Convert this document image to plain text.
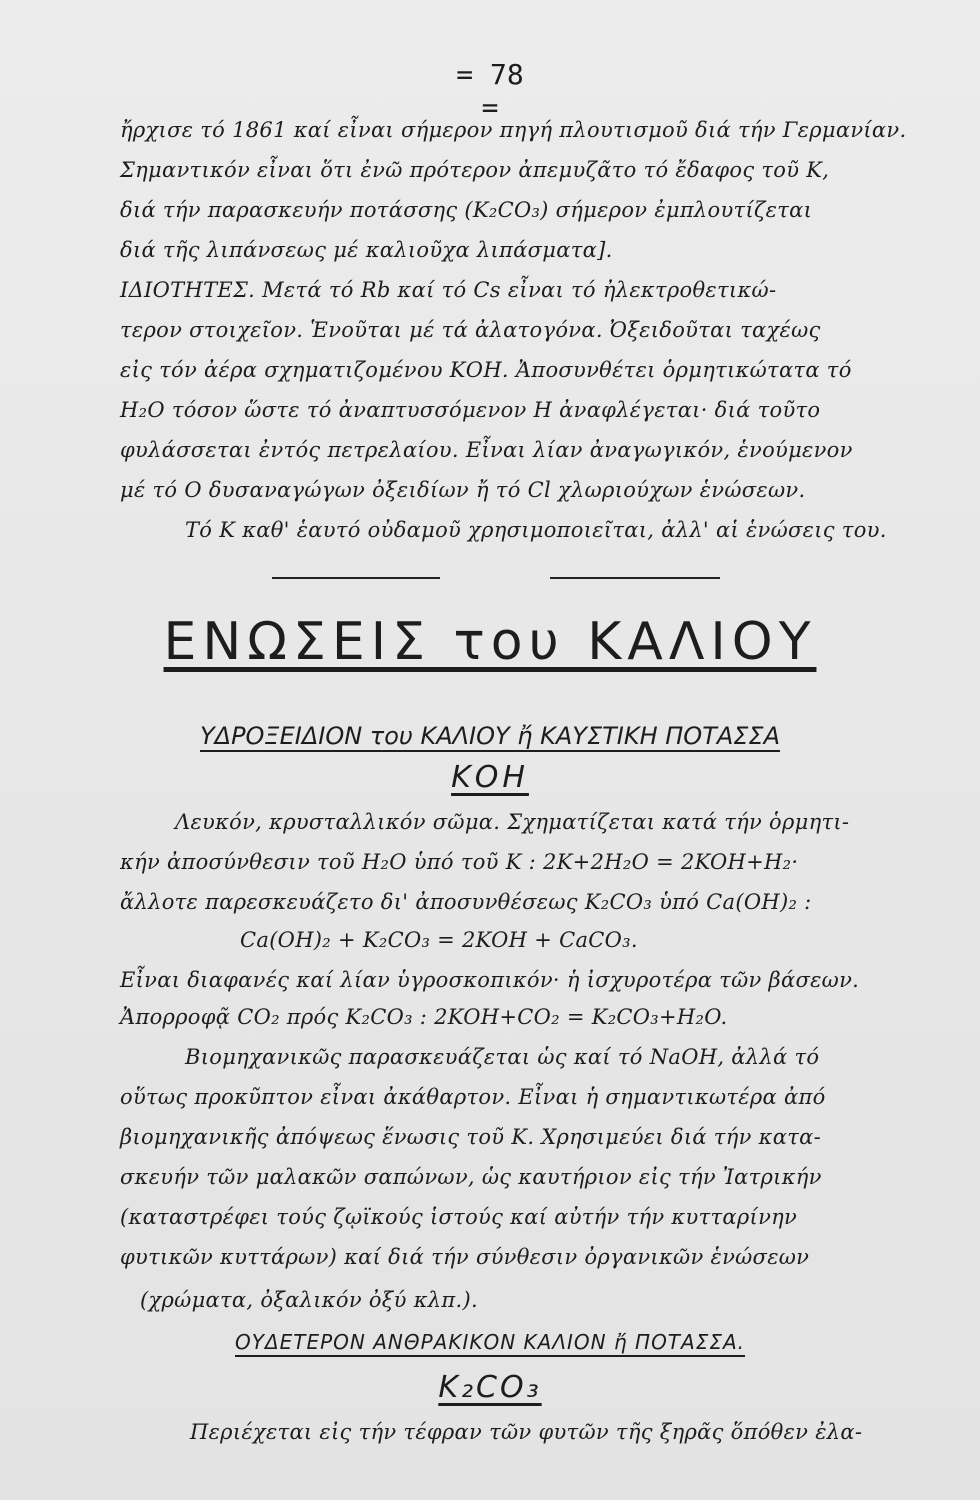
= 78 =
ἤρχισε τό 1861 καί εἶναι σήμερον πηγή πλουτισμοῦ διά τήν Γερμανίαν.
Σημαντικόν εἶναι ὅτι ἐνῶ πρότερον ἀπεμυζᾶτο τό ἔδαφος τοῦ Κ,
διά τήν παρασκευήν ποτάσσης (K₂CO₃) σήμερον ἐμπλουτίζεται
διά τῆς λιπάνσεως μέ καλιοῦχα λιπάσματα].
ΙΔΙΟΤΗΤΕΣ. Μετά τό Rb καί τό Cs εἶναι τό ἠλεκτροθετικώ-
τερον στοιχεῖον. Ἑνοῦται μέ τά ἀλατογόνα. Ὀξειδοῦται ταχέως
εἰς τόν ἀέρα σχηματιζομένου ΚΟΗ. Ἀποσυνθέτει ὁρμητικώτατα τό
H₂O τόσον ὥστε τό ἀναπτυσσόμενον Η ἀναφλέγεται· διά τοῦτο
φυλάσσεται ἐντός πετρελαίου. Εἶναι λίαν ἀναγωγικόν, ἑνούμενον
μέ τό Ο δυσαναγώγων ὀξειδίων ἤ τό Cl χλωριούχων ἑνώσεων.
Τό Κ καθ' ἑαυτό οὐδαμοῦ χρησιμοποιεῖται, ἀλλ' αἱ ἑνώσεις του.
ΕΝΩΣΕΙΣ του ΚΑΛΙΟΥ
ΥΔΡΟΞΕΙΔΙΟΝ του ΚΑΛΙΟΥ ἤ ΚΑΥΣΤΙΚΗ ΠΟΤΑΣΣΑ
ΚΟΗ
Λευκόν, κρυσταλλικόν σῶμα. Σχηματίζεται κατά τήν ὁρμητι-
κήν ἀποσύνθεσιν τοῦ H₂O ὑπό τοῦ Κ : 2K+2H₂O = 2KOH+H₂·
ἄλλοτε παρεσκευάζετο δι' ἀποσυνθέσεως K₂CO₃ ὑπό Ca(OH)₂ :
Ca(OH)₂ + K₂CO₃ = 2KOH + CaCO₃.
Εἶναι διαφανές καί λίαν ὑγροσκοπικόν· ἡ ἰσχυροτέρα τῶν βάσεων.
Ἀπορροφᾷ CO₂ πρός K₂CO₃ : 2KOH+CO₂ = K₂CO₃+H₂O.
Βιομηχανικῶς παρασκευάζεται ὡς καί τό NaOH, ἀλλά τό
οὕτως προκῦπτον εἶναι ἀκάθαρτον. Εἶναι ἡ σημαντικωτέρα ἀπό
βιομηχανικῆς ἀπόψεως ἕνωσις τοῦ Κ. Χρησιμεύει διά τήν κατα-
σκευήν τῶν μαλακῶν σαπώνων, ὡς καυτήριον εἰς τήν Ἰατρικήν
(καταστρέφει τούς ζῳϊκούς ἱστούς καί αὐτήν τήν κυτταρίνην
φυτικῶν κυττάρων) καί διά τήν σύνθεσιν ὀργανικῶν ἑνώσεων
(χρώματα, ὀξαλικόν ὀξύ κλπ.).
ΟΥΔΕΤΕΡΟΝ ΑΝΘΡΑΚΙΚΟΝ ΚΑΛΙΟΝ ἤ ΠΟΤΑΣΣΑ.
K₂CO₃
Περιέχεται εἰς τήν τέφραν τῶν φυτῶν τῆς ξηρᾶς ὅπόθεν ἐλα-
